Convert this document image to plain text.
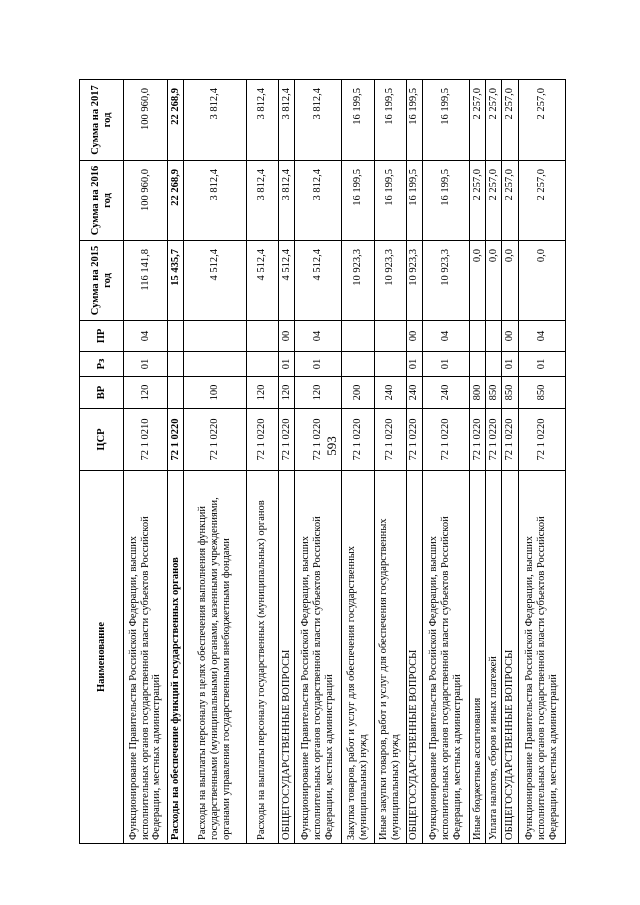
593
Наименование	ЦСР	ВР	Рз	ПР	Сумма на 2015 год	Сумма на 2016 год	Сумма на 2017 год
Функционирование Правительства Российской Федерации, высших исполнительных органов государственной власти субъектов Российской Федерации, местных администраций	72 1 0210	120	01	04	116 141,8	100 960,0	100 960,0
Расходы на обеспечение функций государственных органов	72 1 0220				15 435,7	22 268,9	22 268,9
Расходы на выплаты персоналу в целях обеспечения выполнения функций государственными (муниципальными) органами, казенными учреждениями, органами управления государственными внебюджетными фондами	72 1 0220	100			4 512,4	3 812,4	3 812,4
Расходы на выплаты персоналу государственных (муниципальных) органов	72 1 0220	120			4 512,4	3 812,4	3 812,4
ОБЩЕГОСУДАРСТВЕННЫЕ ВОПРОСЫ	72 1 0220	120	01	00	4 512,4	3 812,4	3 812,4
Функционирование Правительства Российской Федерации, высших исполнительных органов государственной власти субъектов Российской Федерации, местных администраций	72 1 0220	120	01	04	4 512,4	3 812,4	3 812,4
Закупка товаров, работ и услуг для обеспечения государственных (муниципальных) нужд	72 1 0220	200			10 923,3	16 199,5	16 199,5
Иные закупки товаров, работ и услуг для обеспечения государственных (муниципальных) нужд	72 1 0220	240			10 923,3	16 199,5	16 199,5
ОБЩЕГОСУДАРСТВЕННЫЕ ВОПРОСЫ	72 1 0220	240	01	00	10 923,3	16 199,5	16 199,5
Функционирование Правительства Российской Федерации, высших исполнительных органов государственной власти субъектов Российской Федерации, местных администраций	72 1 0220	240	01	04	10 923,3	16 199,5	16 199,5
Иные бюджетные ассигнования	72 1 0220	800			0,0	2 257,0	2 257,0
Уплата налогов, сборов и иных платежей	72 1 0220	850			0,0	2 257,0	2 257,0
ОБЩЕГОСУДАРСТВЕННЫЕ ВОПРОСЫ	72 1 0220	850	01	00	0,0	2 257,0	2 257,0
Функционирование Правительства Российской Федерации, высших исполнительных органов государственной власти субъектов Российской Федерации, местных администраций	72 1 0220	850	01	04	0,0	2 257,0	2 257,0
